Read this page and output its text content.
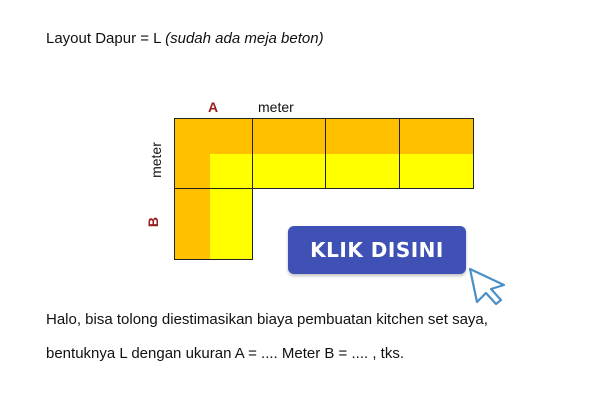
Layout Dapur = L (sudah ada meja beton)
A	meter
meter
B
KLIK DISINI
Halo, bisa tolong diestimasikan biaya pembuatan kitchen set saya,
bentuknya L dengan ukuran A = .... Meter B = .... , tks.
